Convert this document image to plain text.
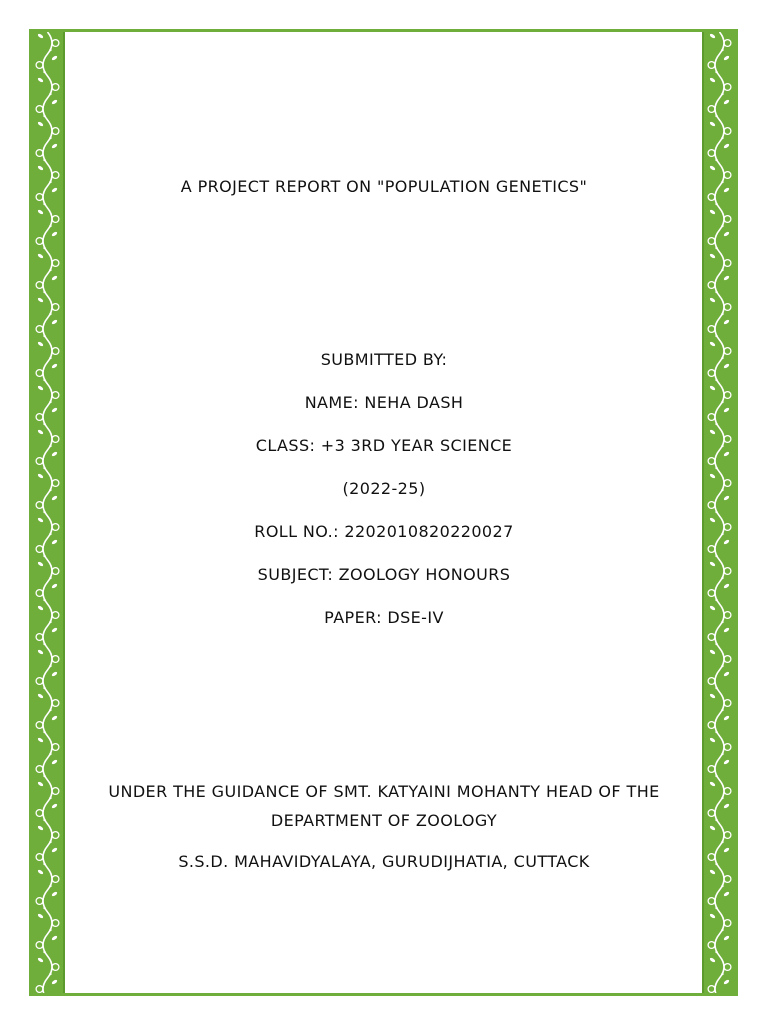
A PROJECT REPORT ON "POPULATION GENETICS"
SUBMITTED BY:
NAME: NEHA DASH
CLASS: +3 3RD YEAR SCIENCE
(2022-25)
ROLL NO.: 2202010820220027
SUBJECT: ZOOLOGY HONOURS
PAPER: DSE-IV
UNDER THE GUIDANCE OF SMT. KATYAINI MOHANTY HEAD OF THE DEPARTMENT OF ZOOLOGY
S.S.D. MAHAVIDYALAYA, GURUDIJHATIA, CUTTACK
